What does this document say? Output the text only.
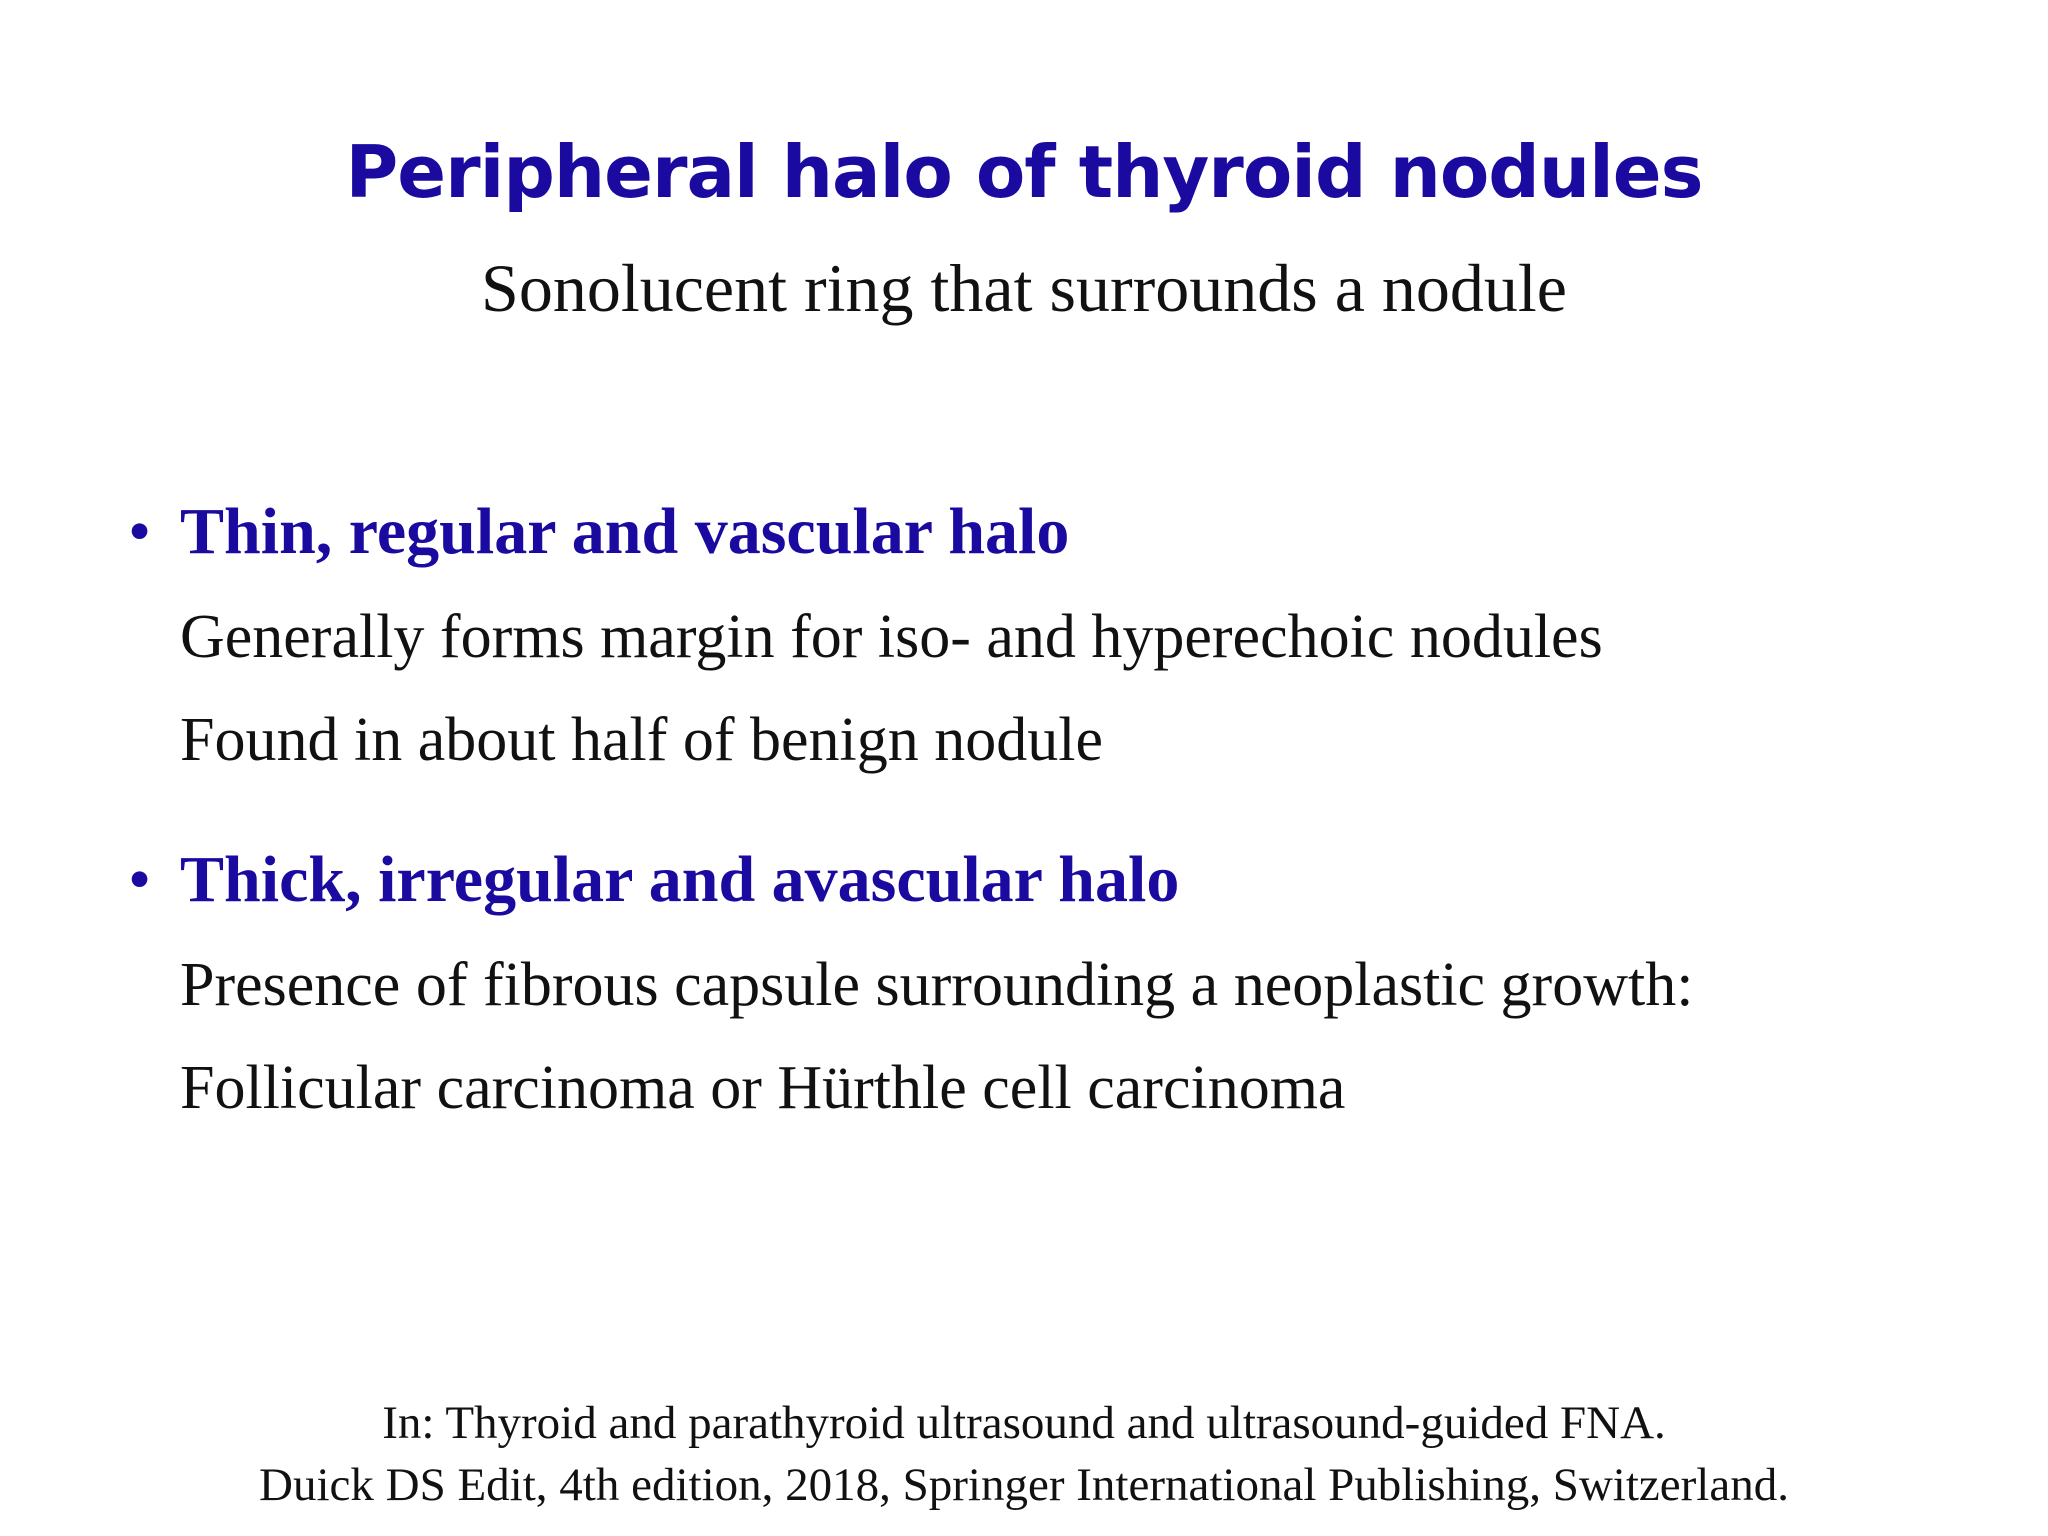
Peripheral halo of thyroid nodules
Sonolucent ring that surrounds a nodule
• Thin, regular and vascular halo
Generally forms margin for iso- and hyperechoic nodules
Found in about half of benign nodule
• Thick, irregular and avascular halo
Presence of fibrous capsule surrounding a neoplastic growth:
Follicular carcinoma or Hürthle cell carcinoma
In: Thyroid and parathyroid ultrasound and ultrasound-guided FNA.
Duick DS Edit, 4th edition, 2018, Springer International Publishing, Switzerland.
